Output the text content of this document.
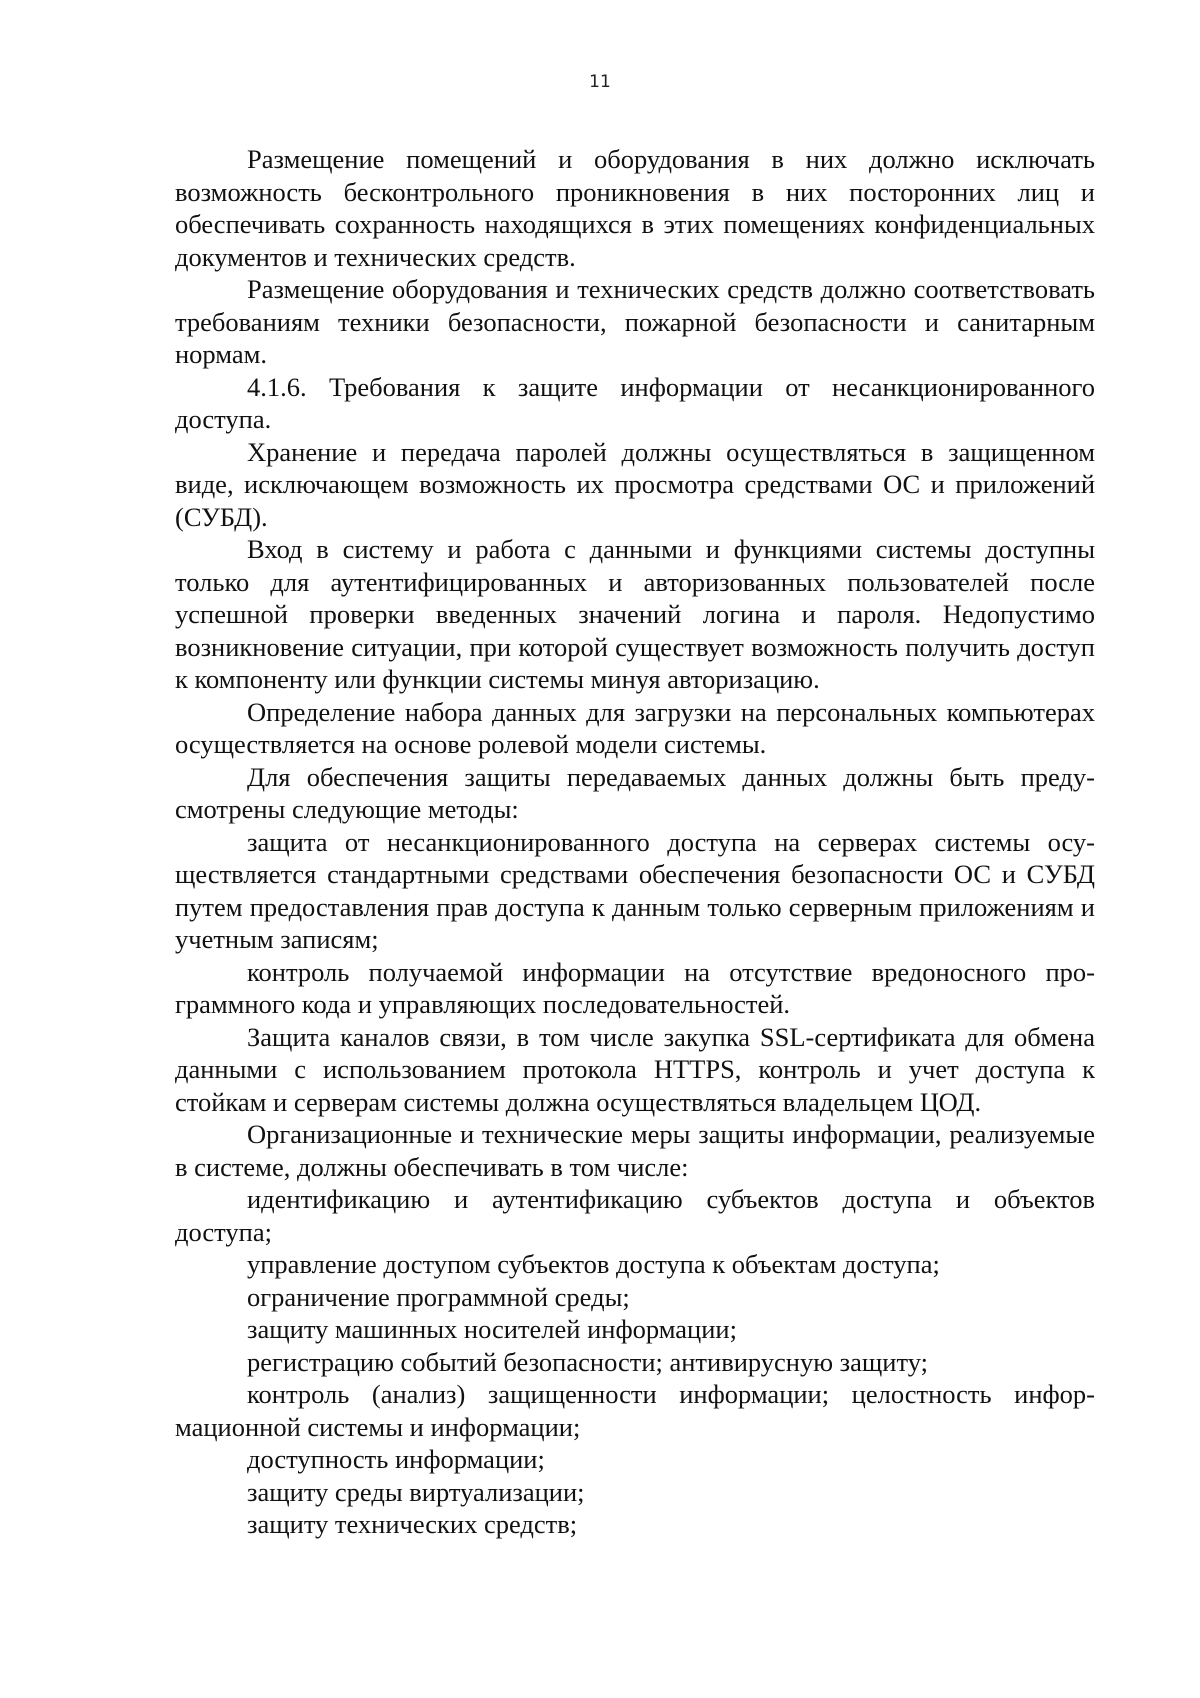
11

Размещение помещений и оборудования в них должно исключать возможность бесконтрольного проникновения в них посторонних лиц и обеспечивать сохранность находящихся в этих помещениях конфиденциальных документов и технических средств.

Размещение оборудования и технических средств должно соответствовать требованиям техники безопасности, пожарной безопасности и санитарным нормам.

4.1.6. Требования к защите информации от несанкционированного доступа.

Хранение и передача паролей должны осуществляться в защищенном виде, исключающем возможность их просмотра средствами ОС и приложений (СУБД).

Вход в систему и работа с данными и функциями системы доступны только для аутентифицированных и авторизованных пользователей после успешной проверки введенных значений логина и пароля. Недопустимо возникновение ситуации, при которой существует возможность получить доступ к компоненту или функции системы минуя авторизацию.

Определение набора данных для загрузки на персональных компьютерах осуществляется на основе ролевой модели системы.

Для обеспечения защиты передаваемых данных должны быть предусмотрены следующие методы:

защита от несанкционированного доступа на серверах системы осуществляется стандартными средствами обеспечения безопасности ОС и СУБД путем предоставления прав доступа к данным только серверным приложениям и учетным записям;

контроль получаемой информации на отсутствие вредоносного программного кода и управляющих последовательностей.

Защита каналов связи, в том числе закупка SSL-сертификата для обмена данными с использованием протокола HTTPS, контроль и учет доступа к стойкам и серверам системы должна осуществляться владельцем ЦОД.

Организационные и технические меры защиты информации, реализуемые в системе, должны обеспечивать в том числе:

идентификацию и аутентификацию субъектов доступа и объектов доступа;

управление доступом субъектов доступа к объектам доступа;

ограничение программной среды;

защиту машинных носителей информации;

регистрацию событий безопасности; антивирусную защиту;

контроль (анализ) защищенности информации; целостность информационной системы и информации;

доступность информации;

защиту среды виртуализации;

защиту технических средств;
